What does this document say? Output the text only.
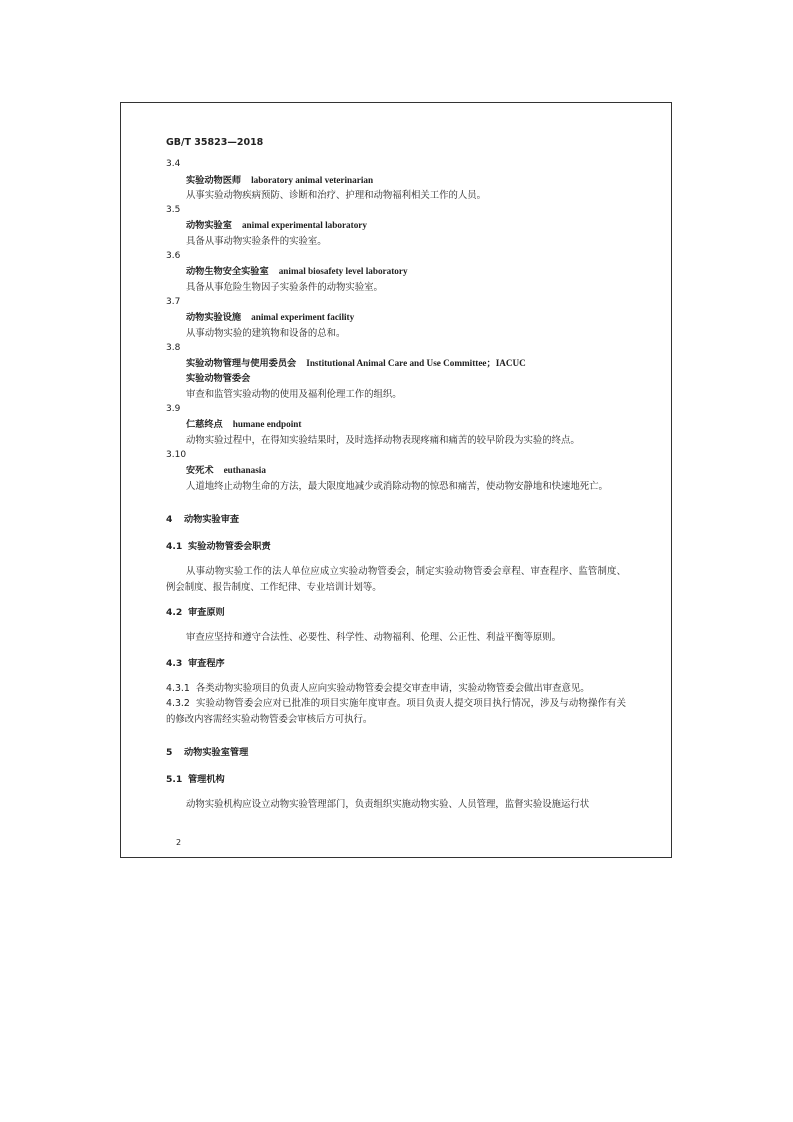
GB/T 35823—2018
3.4
实验动物医师 laboratory animal veterinarian
从事实验动物疾病预防、诊断和治疗、护理和动物福利相关工作的人员。
3.5
动物实验室 animal experimental laboratory
具备从事动物实验条件的实验室。
3.6
动物生物安全实验室 animal biosafety level laboratory
具备从事危险生物因子实验条件的动物实验室。
3.7
动物实验设施 animal experiment facility
从事动物实验的建筑物和设备的总和。
3.8
实验动物管理与使用委员会 Institutional Animal Care and Use Committee；IACUC
实验动物管委会
审查和监管实验动物的使用及福利伦理工作的组织。
3.9
仁慈终点 humane endpoint
动物实验过程中，在得知实验结果时，及时选择动物表现疼痛和痛苦的较早阶段为实验的终点。
3.10
安死术 euthanasia
人道地终止动物生命的方法，最大限度地减少或消除动物的惊恐和痛苦，使动物安静地和快速地死亡。
4 动物实验审查
4.1 实验动物管委会职责
从事动物实验工作的法人单位应成立实验动物管委会，制定实验动物管委会章程、审查程序、监管制度、例会制度、报告制度、工作纪律、专业培训计划等。
4.2 审查原则
审查应坚持和遵守合法性、必要性、科学性、动物福利、伦理、公正性、利益平衡等原则。
4.3 审查程序
4.3.1 各类动物实验项目的负责人应向实验动物管委会提交审查申请，实验动物管委会做出审查意见。
4.3.2 实验动物管委会应对已批准的项目实施年度审查。项目负责人提交项目执行情况，涉及与动物操作有关的修改内容需经实验动物管委会审核后方可执行。
5 动物实验室管理
5.1 管理机构
动物实验机构应设立动物实验管理部门，负责组织实施动物实验、人员管理，监督实验设施运行状
2
